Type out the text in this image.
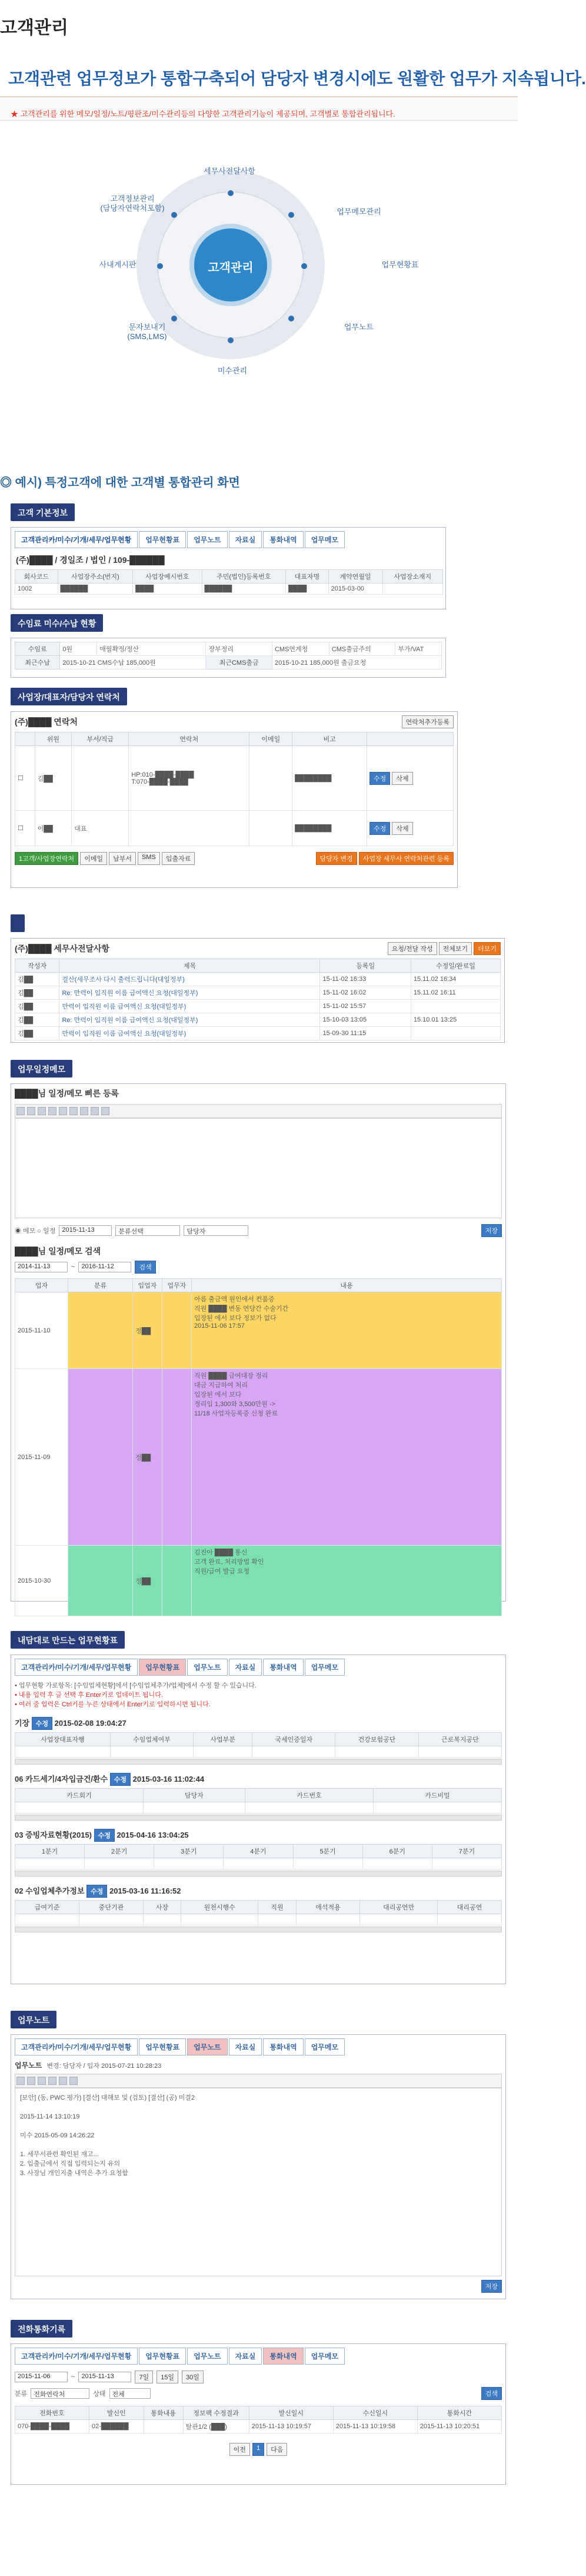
고객관리
고객관련 업무정보가 통합구축되어 담당자 변경시에도 원활한 업무가 지속됩니다.
★ 고객관리를 위한 메모/일정/노트/평판조/미수관리등의 다양한 고객관리기능이 제공되며, 고객별로 통합관리됩니다.
고객관리
세무사전달사항
업무메모관리
업무현황표
업무노트
미수관리
문자보내기
(SMS,LMS)
사내계시판
고객정보관리
(담당자연락처포함)
◎ 예시) 특정고객에 대한 고객별 통합관리 화면
고객 기본정보
고객관리카/미수/기개/세무/업무현황	업무현황표	업무노트	자료실	통화내역	업무메모
(주)████ / 경일조 / 법인 / 109-██████
회사코드	사업장주소(번지)	사업장예시번호	주민(법인)등록번호	대표자명	계약연월일	사업장소재지
1002	██████	████	██████	████	2015-03-00	
수임료 미수/수납 현황
수임료	0원	매월확정/정산	장부정리	CMS연계청	CMS출금주의	부가/VAT
최근수납	2015-10-21 CMS수납 185,000원		최근CMS출금	2015-10-21 185,000원 출금요청		
사업장/대표자/담당자 연락처
(주)████ 연락처	연락처추가등록
	위원	부서/직급	연락처	이메일	비고	
☐	김██		HP:010-████-████
T:070-████-████		████████	수정 삭제
☐	이██	대표			████████	수정 삭제
1고객/사업장연락처	이메일	납부서	SMS	입출자료	담당자 변경	사업장 세무사 연락처관련 등록
(주)████ 세무사전달사항	요청/전달 작성	전체보기	더보기
작성자	제목	등록일	수정일/완료일
김██	결산(세무조사 다시 출력드립니다(대일정부)	15-11-02 16:33	15.11.02 16:34
김██	Re: 만력이 입직원 이름 급여액신 요청(대일정부)	15-11-02 16:02	15.11.02 16:11
김██	만력이 입직원 이름 급여액신 요청(대일정부)	15-11-02 15:57	
김██	Re: 만력이 입직원 이름 급여액신 요청(대일정부)	15-10-03 13:05	15.10.01 13:25
김██	만력이 입직원 이름 급여액신 요청(대일정부)	15-09-30 11:15	
업무일정메모
████님 일정/메모 삐른 등록
◉ 메모 ○ 일정	2015-11-13	분류선택	담당자	저장
████님 일정/메모 검색
2014-11-13	~	2016-11-12	검색
업자	분류	입업자	업무자	내용
2015-11-10		정██		아름 출금액 원인에서 컨품증
직원 ████ 변동 연당간 수술기간
입장된 에서 보다 정보가 없다
2015-11-06 17:57
2015-11-09		정██		직원 ████ 급여대장 정리
대금 지급하여 처리
입장된 에서 보다
정리입 1,300와 3,500만원 ->
11/18 사업자등록증 신청 완료
2015-10-30		정██		김진아 ████ 통신
고객 완료, 처리방법 확인
직원/급여 발급 요청
내담대로 만드는 업무현황표
고객관리카/미수/기개/세무/업무현황	업무현황표	업무노트	자료실	통화내역	업무메모
• 업무현황 가로항목: [수임업체현황]에서 [수임업체추가/업체]에서 수정 할 수 있습니다.
• 내용 입력 후 글 선택 후 Enter키로 업데이트 됩니다.
• 여러 줄 입력은 Ctrl키를 누른 상태에서 Enter키로 입력하시면 됩니다.
기장 수정 2015-02-08 19:04:27
사업장대표자행	수임업체여부	사업부분	국세인증일자	건강보험공단	근로복지공단

06 카드세기/4자입금건/환수 수정 2015-03-16 11:02:44
카드회기	담당자	카드번호	카드비밀

03 증빙자료현황(2015) 수정 2015-04-16 13:04:25
1분기	2분기	3분기	4분기	5분기	6분기	7분기

02 수임업체추가정보 수정 2015-03-16 11:16:52
급여기준	중단기관	사장	원천시행수	직원	애석적용	대리공연만	대리공연

업무노트
고객관리카/미수/기개/세무/업무현황	업무현황표	업무노트	자료실	통화내역	업무메모
업무노트 변경: 담당자 / 입자 2015-07-21 10:28:23
[보안] (동, PWC 평가) [결산] 대해보 및 (검토) [결산] (공) 미결2

2015-11-14 13:10:19

미수 2015-05-09 14:26:22

1. 세무서관련 확인된 재고...
2. 입출금에서 직접 입력되는지 유의
3. 사장님 개인지출 내역은 추가 요청함
저장
전화통화기록
고객관리카/미수/기개/세무/업무현황	업무현황표	업무노트	자료실	통화내역	업무메모
2015-11-06	~	2015-11-13	7일	15일	30일
분류	전화연락처	상태	전체	검색
전화번호	발신인	통화내용	정보팩 수정결과	발신일시	수신일시	통화시간
070-████-████	02-██████		탈관1/2 (███)	2015-11-13 10:19:57	2015-11-13 10:19:58	2015-11-13 10:20:51
이전	1	다음
